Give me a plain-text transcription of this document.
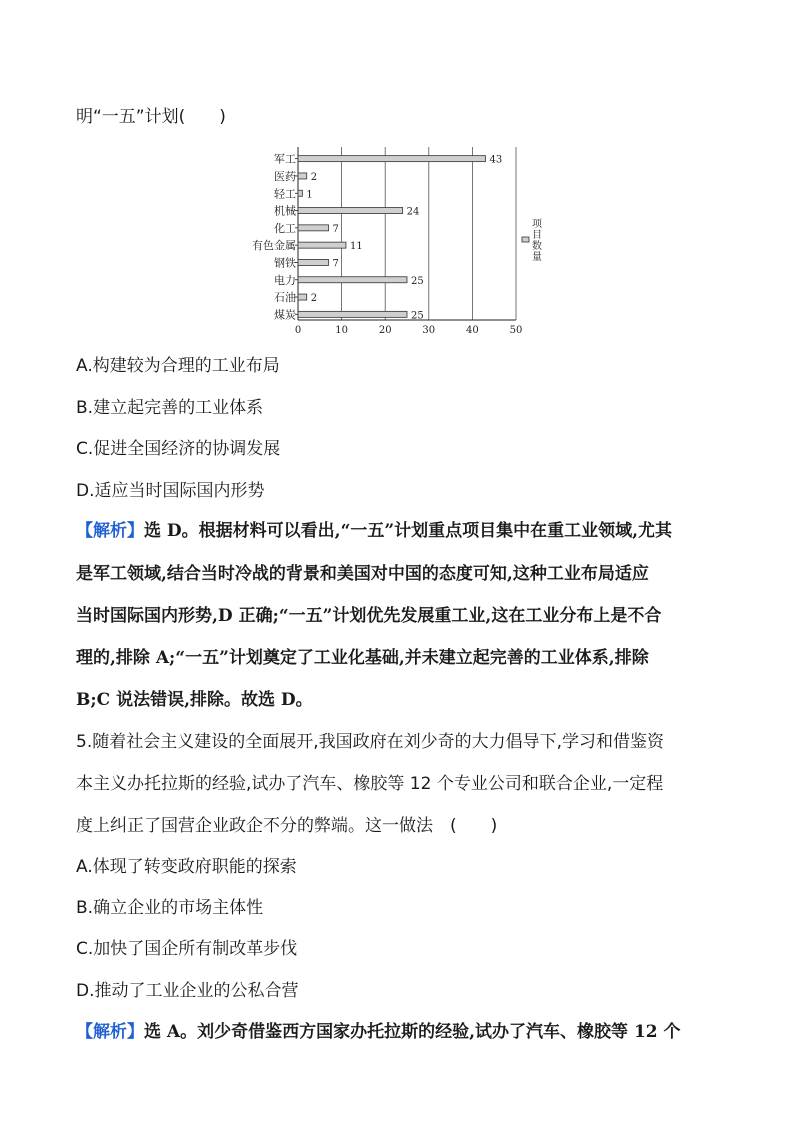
明“一五”计划(　　)
0	10	20	30	40	50
军工	43
医药 2
轻工 1
机械	24
化工	7
有色金属	11
钢铁	7
电力	25
石油 2
煤炭	25
项
目
数
量
A.构建较为合理的工业布局
B.建立起完善的工业体系
C.促进全国经济的协调发展
D.适应当时国际国内形势
【解析】选 D。根据材料可以看出,“一五”计划重点项目集中在重工业领域,尤其
是军工领域,结合当时冷战的背景和美国对中国的态度可知,这种工业布局适应
当时国际国内形势,D 正确;“一五”计划优先发展重工业,这在工业分布上是不合
理的,排除 A;“一五”计划奠定了工业化基础,并未建立起完善的工业体系,排除
B;C 说法错误,排除。故选 D。
5.随着社会主义建设的全面展开,我国政府在刘少奇的大力倡导下,学习和借鉴资
本主义办托拉斯的经验,试办了汽车、橡胶等 12 个专业公司和联合企业,一定程
度上纠正了国营企业政企不分的弊端。这一做法　(　　)
A.体现了转变政府职能的探索
B.确立企业的市场主体性
C.加快了国企所有制改革步伐
D.推动了工业企业的公私合营
【解析】选 A。刘少奇借鉴西方国家办托拉斯的经验,试办了汽车、橡胶等 12 个
